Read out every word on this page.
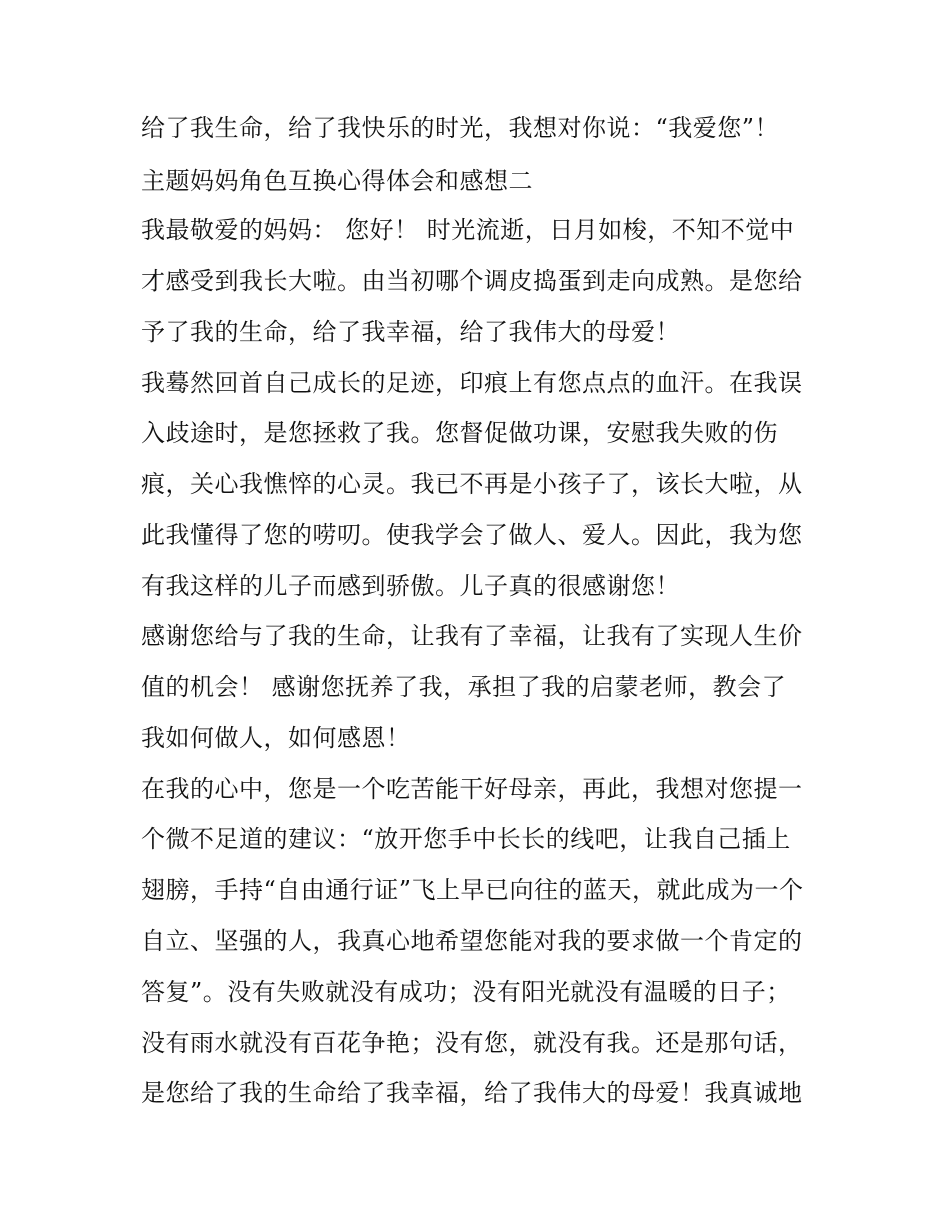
给了我生命，给了我快乐的时光，我想对你说：“我爱您”！
主题妈妈角色互换心得体会和感想二
我最敬爱的妈妈： 您好！ 时光流逝，日月如梭，不知不觉中
才感受到我长大啦。由当初哪个调皮捣蛋到走向成熟。是您给
予了我的生命，给了我幸福，给了我伟大的母爱！
我蓦然回首自己成长的足迹，印痕上有您点点的血汗。在我误
入歧途时，是您拯救了我。您督促做功课，安慰我失败的伤
痕，关心我憔悴的心灵。我已不再是小孩子了，该长大啦，从
此我懂得了您的唠叨。使我学会了做人、爱人。因此，我为您
有我这样的儿子而感到骄傲。儿子真的很感谢您！
感谢您给与了我的生命，让我有了幸福，让我有了实现人生价
值的机会！ 感谢您抚养了我，承担了我的启蒙老师，教会了
我如何做人，如何感恩！
在我的心中，您是一个吃苦能干好母亲，再此，我想对您提一
个微不足道的建议：“放开您手中长长的线吧，让我自己插上
翅膀，手持“自由通行证”飞上早已向往的蓝天，就此成为一个
自立、坚强的人，我真心地希望您能对我的要求做一个肯定的
答复”。没有失败就没有成功；没有阳光就没有温暖的日子；
没有雨水就没有百花争艳；没有您，就没有我。还是那句话，
是您给了我的生命给了我幸福，给了我伟大的母爱！我真诚地
